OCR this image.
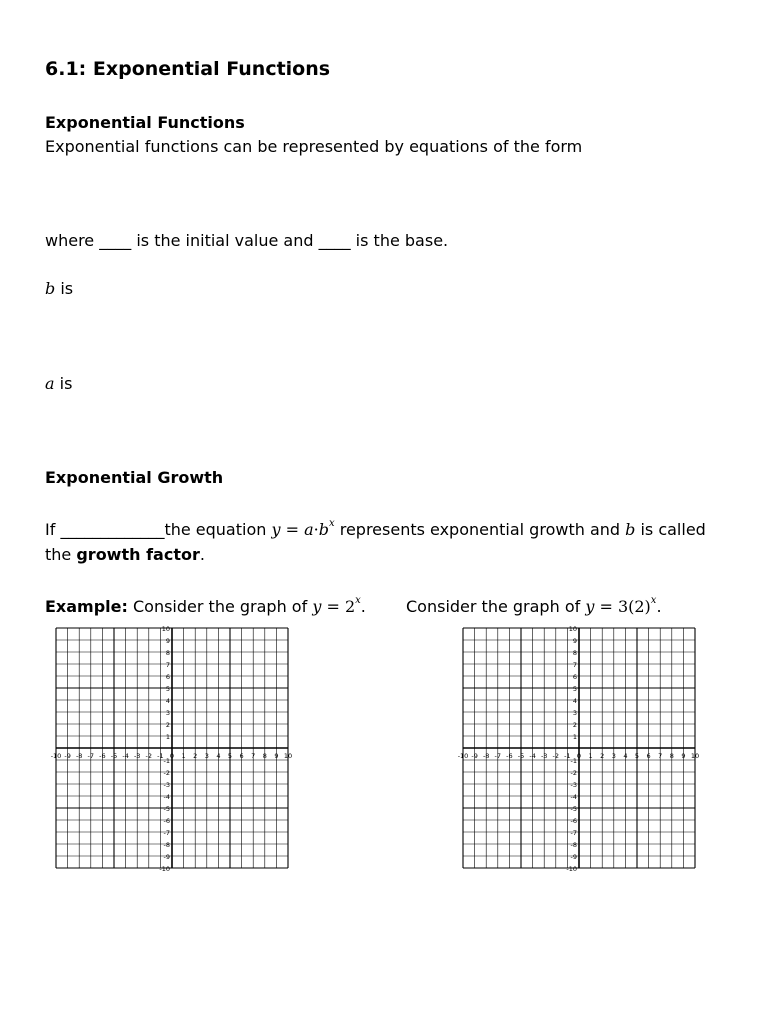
6.1: Exponential Functions
Exponential Functions
Exponential functions can be represented by equations of the form
where ____ is the initial value and ____ is the base.
b is
a is
Exponential Growth
If _____________the equation $y = a\cdot b^x$ represents exponential growth and b is called
the growth factor.
Example: Consider the graph of $y = 2^x$.	Consider the graph of $y = 3(2)^x$.
-10 -9 -8 -7 -6 -5 -4 -3 -2 -1 0 1 2 3 4 5 6 7 8 9 10
10
9
8
7
6
5
4
3
2
1
-1
-2
-3
-4
-5
-6
-7
-8
-9
-10
-10 -9 -8 -7 -6 -5 -4 -3 -2 -1 0 1 2 3 4 5 6 7 8 9 10
10
9
8
7
6
5
4
3
2
1
-1
-2
-3
-4
-5
-6
-7
-8
-9
-10
